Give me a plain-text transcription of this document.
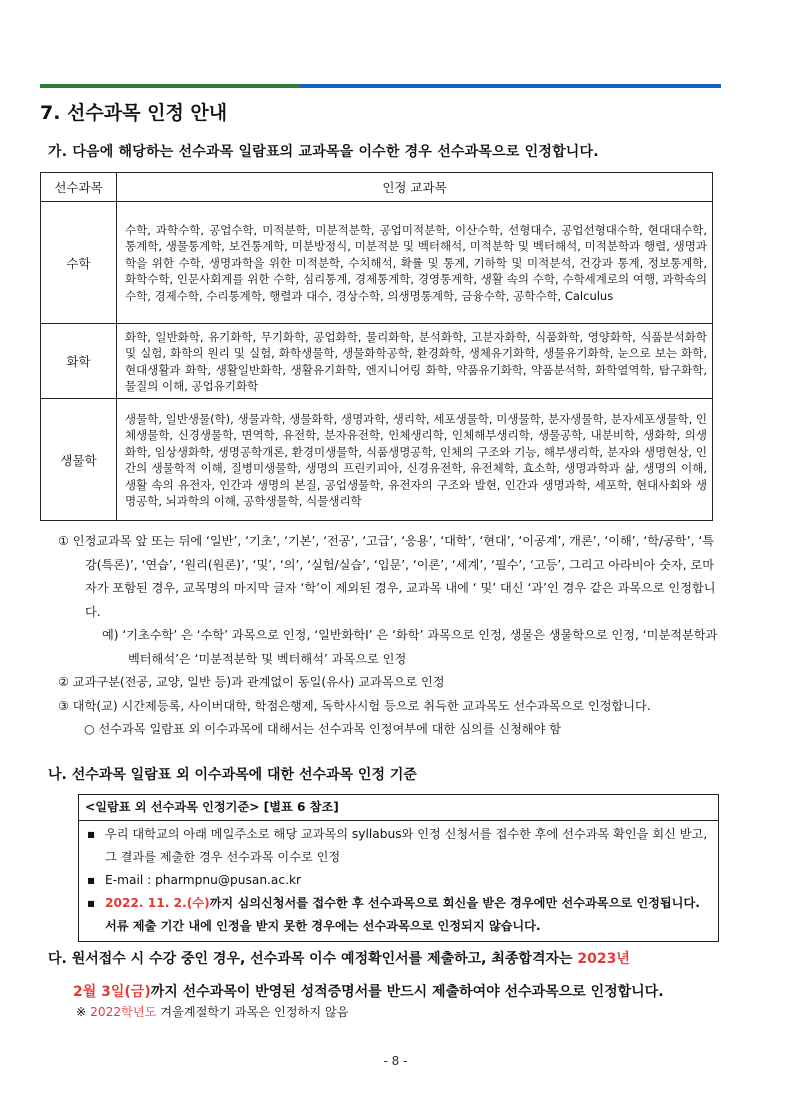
7. 선수과목 인정 안내
가. 다음에 해당하는 선수과목 일람표의 교과목을 이수한 경우 선수과목으로 인정합니다.
선수과목	인정 교과목
수학	수학, 과학수학, 공업수학, 미적분학, 미분적분학, 공업미적분학, 이산수학, 선형대수, 공업선형대수학, 현대대수학, 통계학, 생물통계학, 보건통계학, 미분방정식, 미분적분 및 벡터해석, 미적분학 및 벡터해석, 미적분학과 행렬, 생명과학을 위한 수학, 생명과학을 위한 미적분학, 수치해석, 확률 및 통계, 기하학 및 미적분석, 건강과 통계, 정보통계학, 화학수학, 인문사회계를 위한 수학, 심리통계, 경제통계학, 경영통계학, 생활 속의 수학, 수학세계로의 여행, 과학속의 수학, 경제수학, 수리통계학, 행렬과 대수, 경상수학, 의생명통계학, 금융수학, 공학수학, Calculus
화학	화학, 일반화학, 유기화학, 무기화학, 공업화학, 물리화학, 분석화학, 고분자화학, 식품화학, 영양화학, 식품분석화학 및 실험, 화학의 원리 및 실험, 화학생물학, 생물화학공학, 환경화학, 생체유기화학, 생물유기화학, 눈으로 보는 화학, 현대생활과 화학, 생활일반화학, 생활유기화학, 엔지니어링 화학, 약품유기화학, 약품분석학, 화학열역학, 탐구화학, 물질의 이해, 공업유기화학
생물학	생물학, 일반생물(학), 생물과학, 생물화학, 생명과학, 생리학, 세포생물학, 미생물학, 분자생물학, 분자세포생물학, 인체생물학, 신경생물학, 면역학, 유전학, 분자유전학, 인체생리학, 인체해부생리학, 생물공학, 내분비학, 생화학, 의생화학, 임상생화학, 생명공학개론, 환경미생물학, 식품생명공학, 인체의 구조와 기능, 해부생리학, 분자와 생명현상, 인간의 생물학적 이해, 질병미생물학, 생명의 프린키피아, 신경유전학, 유전체학, 효소학, 생명과학과 삶, 생명의 이해, 생활 속의 유전자, 인간과 생명의 본질, 공업생물학, 유전자의 구조와 발현, 인간과 생명과학, 세포학, 현대사회와 생명공학, 뇌과학의 이해, 공학생물학, 식물생리학

① 인정교과목 앞 또는 뒤에 ‘일반’, ‘기초’, ‘기본’, ‘전공’, ‘고급’, ‘응용’, ‘대학’, ‘현대’, ‘이공계’, 개론’, ‘이해’, ‘학/공학’, ‘특강(특론)’, ‘연습’, ‘원리(원론)’, ‘및’, ‘의’, ‘실험/실습’, ‘입문’, ‘이론’, ‘세계’, ‘필수’, ‘고등’, 그리고 아라비아 숫자, 로마자가 포함된 경우, 교목명의 마지막 글자 ‘학’이 제외된 경우, 교과목 내에 ‘ 및’ 대신 ‘과’인 경우 같은 과목으로 인정합니다.

예) ‘기초수학’ 은 ‘수학’ 과목으로 인정, ‘일반화학Ⅰ’ 은 ‘화학’ 과목으로 인정, 생물은 생물학으로 인정, ‘미분적분학과 벡터해석’은 ‘미분적분학 및 벡터해석’ 과목으로 인정

② 교과구분(전공, 교양, 일반 등)과 관계없이 동일(유사) 교과목으로 인정

③ 대학(교) 시간제등록, 사이버대학, 학점은행제, 독학사시험 등으로 취득한 교과목도 선수과목으로 인정합니다.

○ 선수과목 일람표 외 이수과목에 대해서는 선수과목 인정여부에 대한 심의를 신청해야 함

나. 선수과목 일람표 외 이수과목에 대한 선수과목 인정 기준
<일람표 외 선수과목 인정기준> [별표 6 참조]
▪ 우리 대학교의 아래 메일주소로 해당 교과목의 syllabus와 인정 신청서를 접수한 후에 선수과목 확인을 회신 받고, 그 결과를 제출한 경우 선수과목 이수로 인정
▪ E-mail : pharmpnu@pusan.ac.kr
▪ 2022. 11. 2.(수)까지 심의신청서를 접수한 후 선수과목으로 회신을 받은 경우에만 선수과목으로 인정됩니다. 서류 제출 기간 내에 인정을 받지 못한 경우에는 선수과목으로 인정되지 않습니다.
다. 원서접수 시 수강 중인 경우, 선수과목 이수 예정확인서를 제출하고, 최종합격자는 2023년
2월 3일(금)까지 선수과목이 반영된 성적증명서를 반드시 제출하여야 선수과목으로 인정합니다.
※ 2022학년도 겨울계절학기 과목은 인정하지 않음
- 8 -
